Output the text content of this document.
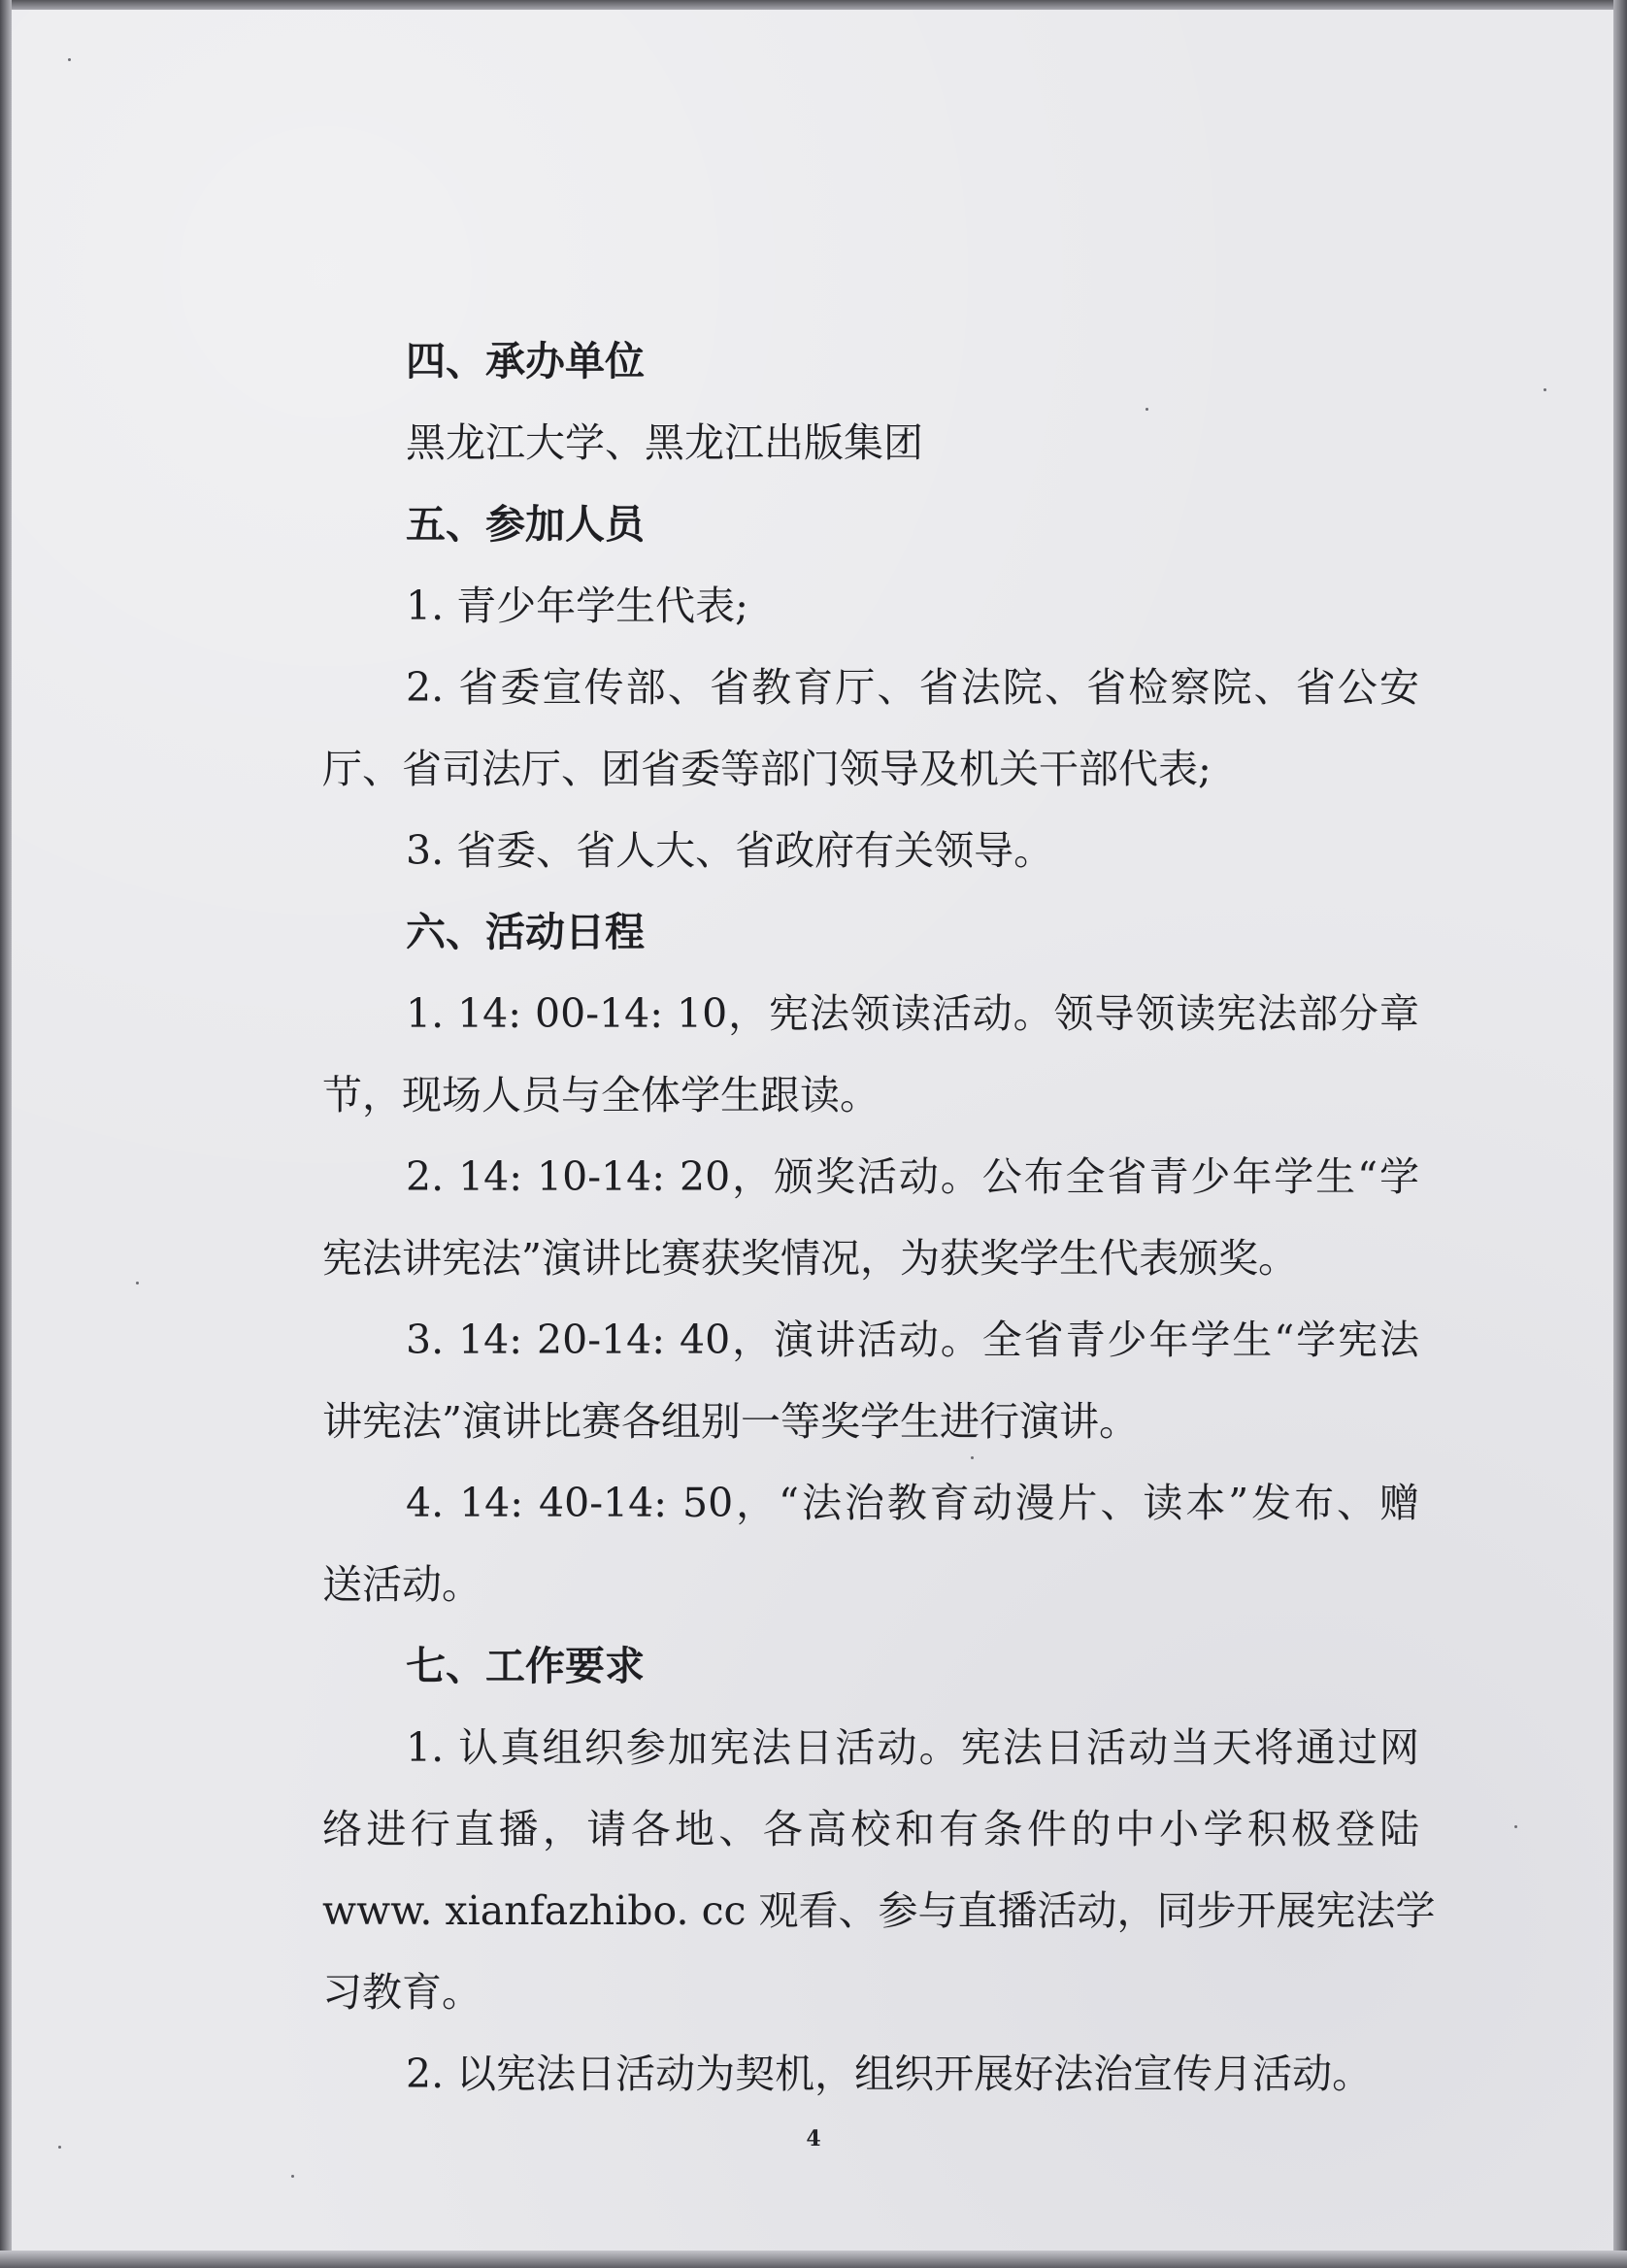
四、承办单位
黑龙江大学、黑龙江出版集团
五、参加人员
1. 青少年学生代表;
2. 省委宣传部、省教育厅、省法院、省检察院、省公安
厅、省司法厅、团省委等部门领导及机关干部代表;
3. 省委、省人大、省政府有关领导。
六、活动日程
1. 14: 00-14: 10，宪法领读活动。领导领读宪法部分章
节，现场人员与全体学生跟读。
2. 14: 10-14: 20，颁奖活动。公布全省青少年学生“学
宪法讲宪法”演讲比赛获奖情况，为获奖学生代表颁奖。
3. 14: 20-14: 40，演讲活动。全省青少年学生“学宪法
讲宪法”演讲比赛各组别一等奖学生进行演讲。
4. 14: 40-14: 50，“法治教育动漫片、读本”发布、赠
送活动。
七、工作要求
1. 认真组织参加宪法日活动。宪法日活动当天将通过网
络进行直播，请各地、各高校和有条件的中小学积极登陆
www. xianfazhibo. cc 观看、参与直播活动，同步开展宪法学
习教育。
2. 以宪法日活动为契机，组织开展好法治宣传月活动。
4
